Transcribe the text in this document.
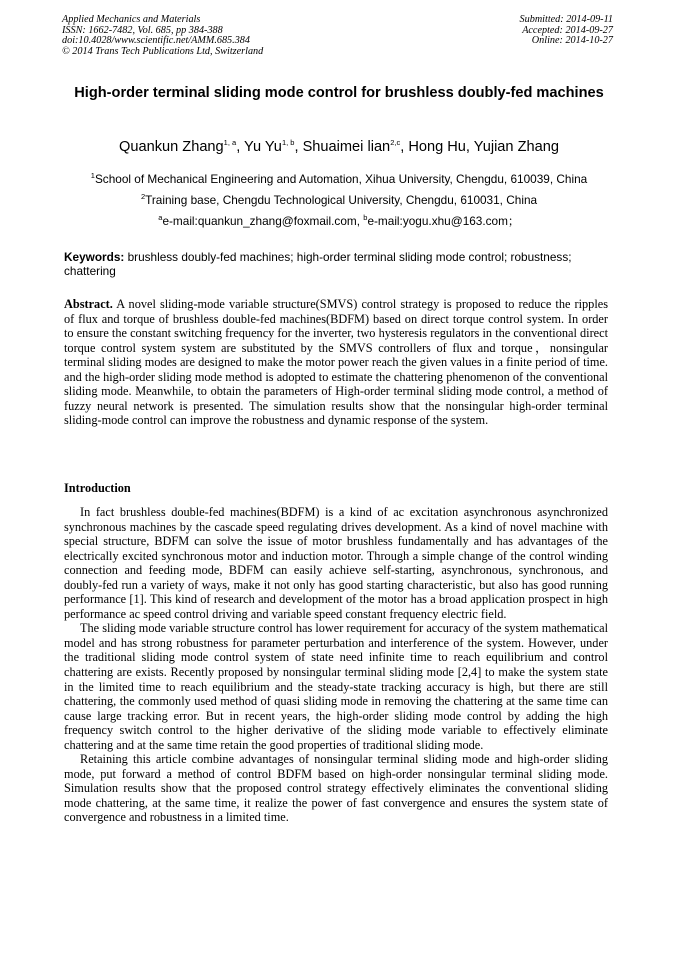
Applied Mechanics and Materials
ISSN: 1662-7482, Vol. 685, pp 384-388
doi:10.4028/www.scientific.net/AMM.685.384
© 2014 Trans Tech Publications Ltd, Switzerland
Submitted: 2014-09-11
Accepted: 2014-09-27
Online: 2014-10-27
High-order terminal sliding mode control for brushless doubly-fed machines
Quankun Zhang$^{1, a}$, Yu Yu$^{1, b}$, Shuaimei lian$^{2,c}$, Hong Hu, Yujian Zhang
$^1$School of Mechanical Engineering and Automation, Xihua University, Chengdu, 610039, China
$^2$Training base, Chengdu Technological University, Chengdu, 610031, China
$^a$e-mail:quankun_zhang@foxmail.com, $^b$e-mail:yogu.xhu@163.com；
Keywords: brushless doubly-fed machines; high-order terminal sliding mode control; robustness; chattering
Abstract. A novel sliding-mode variable structure(SMVS) control strategy is proposed to reduce the ripples of flux and torque of brushless double-fed machines(BDFM) based on direct torque control system. In order to ensure the constant switching frequency for the inverter, two hysteresis regulators in the conventional direct torque control system system are substituted by the SMVS controllers of flux and torque，nonsingular terminal sliding modes are designed to make the motor power reach the given values in a finite period of time. and the high-order sliding mode method is adopted to estimate the chattering phenomenon of the conventional sliding mode. Meanwhile, to obtain the parameters of High-order terminal sliding mode control, a method of fuzzy neural network is presented. The simulation results show that the nonsingular high-order terminal sliding-mode control can improve the robustness and dynamic response of the system.
Introduction

In fact brushless double-fed machines(BDFM) is a kind of ac excitation asynchronous asynchronized synchronous machines by the cascade speed regulating drives development. As a kind of novel machine with special structure, BDFM can solve the issue of motor brushless fundamentally and has advantages of the electrically excited synchronous motor and induction motor. Through a simple change of the control winding connection and feeding mode, BDFM can easily achieve self-starting, asynchronous, synchronous, and doubly-fed run a variety of ways, make it not only has good starting characteristic, but also has good running performance [1]. This kind of research and development of the motor has a broad application prospect in high performance ac speed control driving and variable speed constant frequency electric field.

The sliding mode variable structure control has lower requirement for accuracy of the system mathematical model and has strong robustness for parameter perturbation and interference of the system. However, under the traditional sliding mode control system of state need infinite time to reach equilibrium and control chattering are exists. Recently proposed by nonsingular terminal sliding mode [2,4] to make the system state in the limited time to reach equilibrium and the steady-state tracking accuracy is high, but there are still chattering, the commonly used method of quasi sliding mode in removing the chattering at the same time can cause large tracking error. But in recent years, the high-order sliding mode control by adding the high frequency switch control to the higher derivative of the sliding mode variable to effectively eliminate chattering and at the same time retain the good properties of traditional sliding mode.

Retaining this article combine advantages of nonsingular terminal sliding mode and high-order sliding mode, put forward a method of control BDFM based on high-order nonsingular terminal sliding mode. Simulation results show that the proposed control strategy effectively eliminates the conventional sliding mode chattering, at the same time, it realize the power of fast convergence and ensures the system state of convergence and robustness in a limited time.
